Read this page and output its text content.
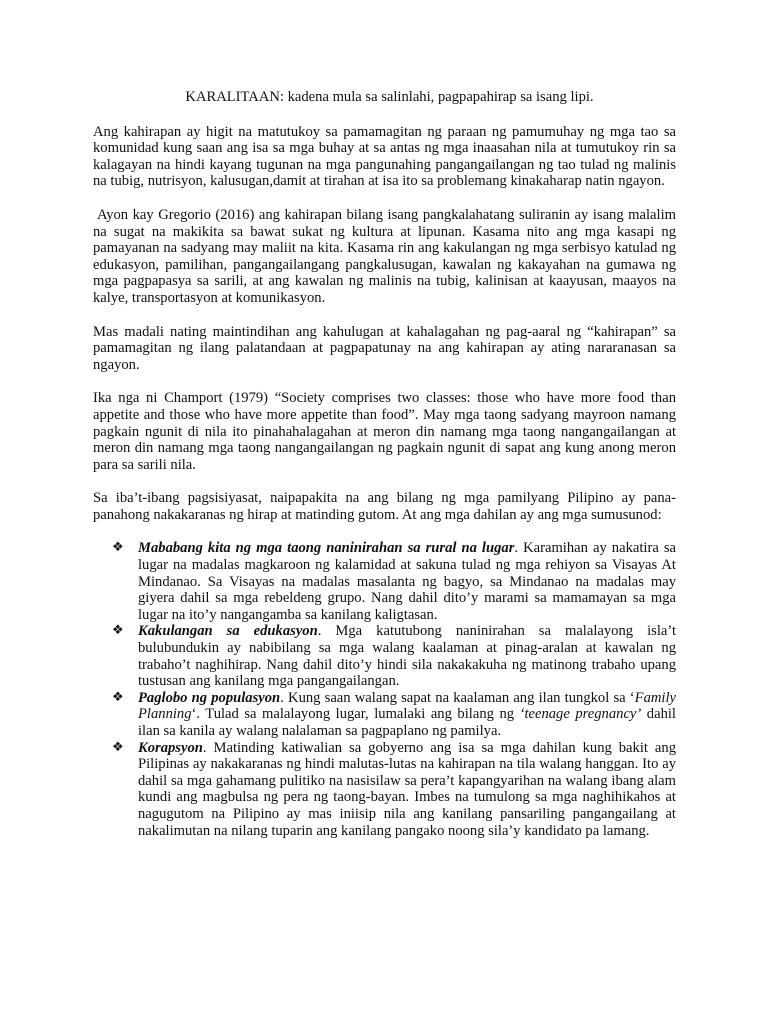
KARALITAAN: kadena mula sa salinlahi, pagpapahirap sa isang lipi.

Ang kahirapan ay higit na matutukoy sa pamamagitan ng paraan ng pamumuhay ng mga tao sa komunidad kung saan ang isa sa mga buhay at sa antas ng mga inaasahan nila at tumutukoy rin sa kalagayan na hindi kayang tugunan na mga pangunahing pangangailangan ng tao tulad ng malinis na tubig, nutrisyon, kalusugan,damit at tirahan at isa ito sa problemang kinakaharap natin ngayon.

Ayon kay Gregorio (2016) ang kahirapan bilang isang pangkalahatang suliranin ay isang malalim na sugat na makikita sa bawat sukat ng kultura at lipunan. Kasama nito ang mga kasapi ng pamayanan na sadyang may maliit na kita. Kasama rin ang kakulangan ng mga serbisyo katulad ng edukasyon, pamilihan, pangangailangang pangkalusugan, kawalan ng kakayahan na gumawa ng mga pagpapasya sa sarili, at ang kawalan ng malinis na tubig, kalinisan at kaayusan, maayos na kalye, transportasyon at komunikasyon.

Mas madali nating maintindihan ang kahulugan at kahalagahan ng pag-aaral ng “kahirapan” sa pamamagitan ng ilang palatandaan at pagpapatunay na ang kahirapan ay ating nararanasan sa ngayon.

Ika nga ni Champort (1979) “Society comprises two classes: those who have more food than appetite and those who have more appetite than food”. May mga taong sadyang mayroon namang pagkain ngunit di nila ito pinahahalagahan at meron din namang mga taong nangangailangan at meron din namang mga taong nangangailangan ng pagkain ngunit di sapat ang kung anong meron para sa sarili nila.

Sa iba’t-ibang pagsisiyasat, naipapakita na ang bilang ng mga pamilyang Pilipino ay pana-panahong nakakaranas ng hirap at matinding gutom. At ang mga dahilan ay ang mga sumusunod:

❖ Mababang kita ng mga taong naninirahan sa rural na lugar. Karamihan ay nakatira sa lugar na madalas magkaroon ng kalamidad at sakuna tulad ng mga rehiyon sa Visayas At Mindanao. Sa Visayas na madalas masalanta ng bagyo, sa Mindanao na madalas may giyera dahil sa mga rebeldeng grupo. Nang dahil dito’y marami sa mamamayan sa mga lugar na ito’y nangangamba sa kanilang kaligtasan.
❖ Kakulangan sa edukasyon. Mga katutubong naninirahan sa malalayong isla’t bulubundukin ay nabibilang sa mga walang kaalaman at pinag-aralan at kawalan ng trabaho’t naghihirap. Nang dahil dito’y hindi sila nakakakuha ng matinong trabaho upang tustusan ang kanilang mga pangangailangan.
❖ Paglobo ng populasyon. Kung saan walang sapat na kaalaman ang ilan tungkol sa ‘Family Planning‘. Tulad sa malalayong lugar, lumalaki ang bilang ng ‘teenage pregnancy’ dahil ilan sa kanila ay walang nalalaman sa pagpaplano ng pamilya.
❖ Korapsyon. Matinding katiwalian sa gobyerno ang isa sa mga dahilan kung bakit ang Pilipinas ay nakakaranas ng hindi malutas-lutas na kahirapan na tila walang hanggan. Ito ay dahil sa mga gahamang pulitiko na nasisilaw sa pera’t kapangyarihan na walang ibang alam kundi ang magbulsa ng pera ng taong-bayan. Imbes na tumulong sa mga naghihikahos at nagugutom na Pilipino ay mas iniisip nila ang kanilang pansariling pangangailang at nakalimutan na nilang tuparin ang kanilang pangako noong sila’y kandidato pa lamang.
